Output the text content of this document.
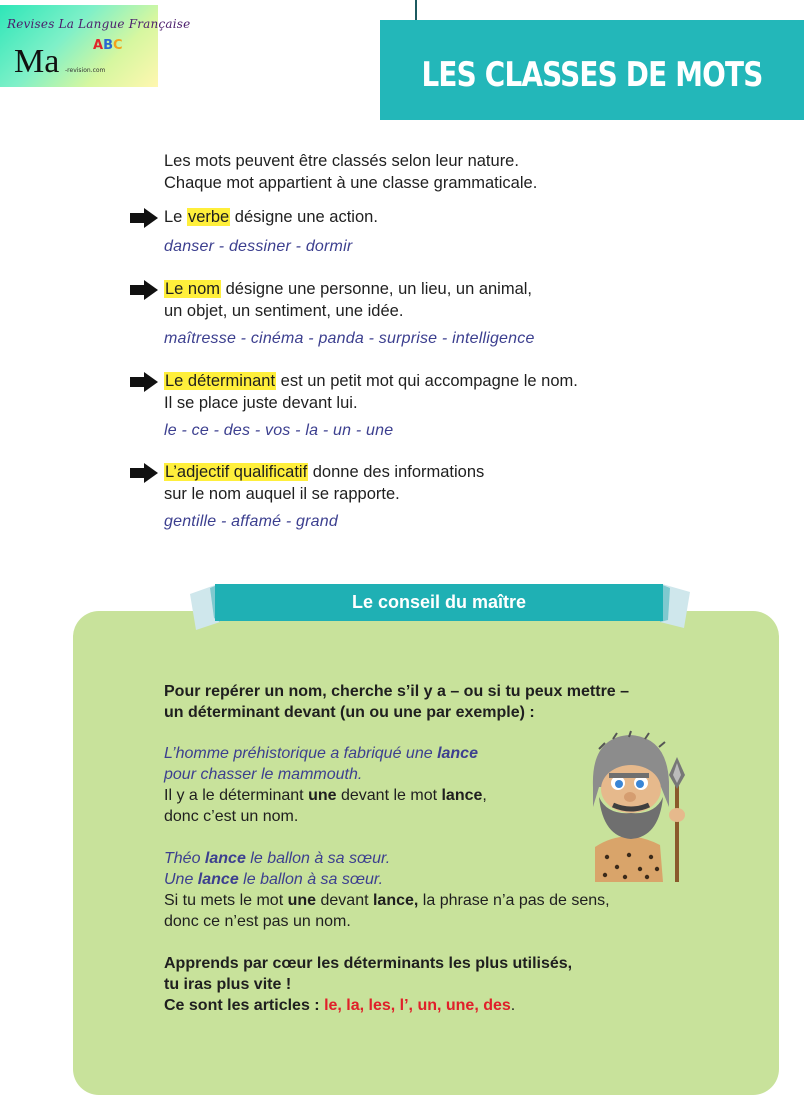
Revises La Langue Française
Ma	ABC
-revision.com	LES CLASSES DE MOTS
Les mots peuvent être classés selon leur nature.
Chaque mot appartient à une classe grammaticale.
Le verbe désigne une action.
danser - dessiner - dormir
Le nom désigne une personne, un lieu, un animal,
un objet, un sentiment, une idée.
maîtresse - cinéma - panda - surprise - intelligence
Le déterminant est un petit mot qui accompagne le nom.
Il se place juste devant lui.
le - ce - des - vos - la - un - une
L’adjectif qualificatif donne des informations
sur le nom auquel il se rapporte.
gentille - affamé - grand
Le conseil du maître
Pour repérer un nom, cherche s’il y a – ou si tu peux mettre –
un déterminant devant (un ou une par exemple) :
L’homme préhistorique a fabriqué une lance
pour chasser le mammouth.
Il y a le déterminant une devant le mot lance,
donc c’est un nom.
Théo lance le ballon à sa sœur.
Une lance le ballon à sa sœur.
Si tu mets le mot une devant lance, la phrase n’a pas de sens,
donc ce n’est pas un nom.
Apprends par cœur les déterminants les plus utilisés,
tu iras plus vite !
Ce sont les articles : le, la, les, l’, un, une, des.
